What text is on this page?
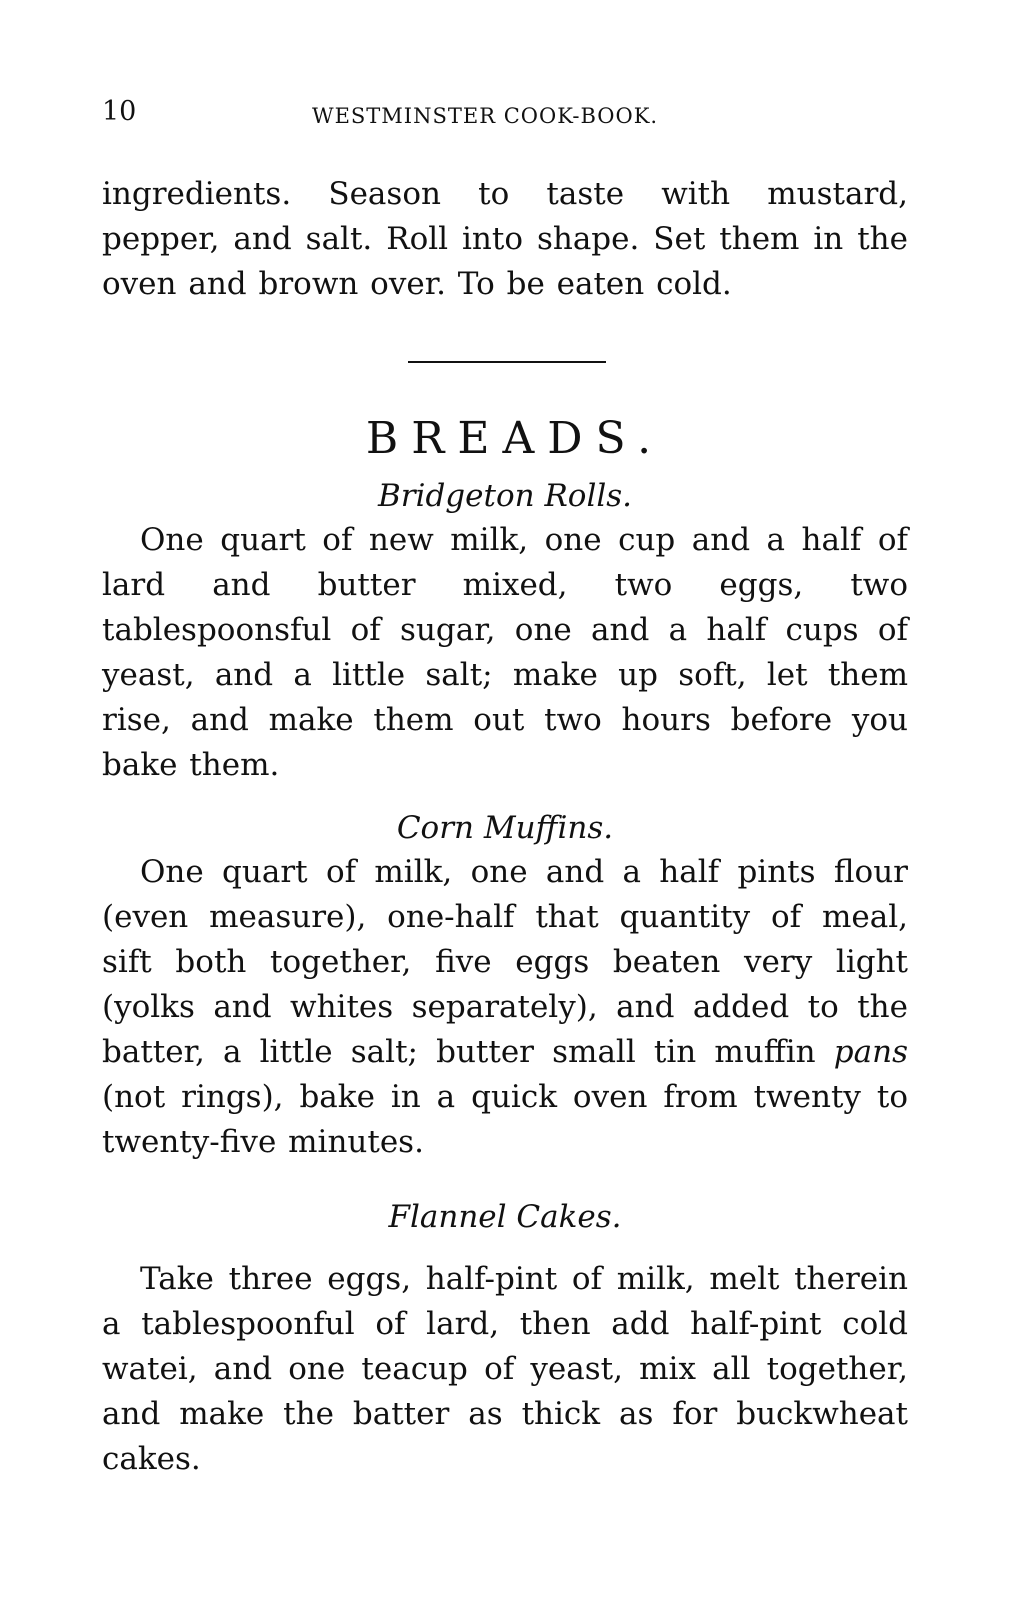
10	WESTMINSTER COOK-BOOK.

ingredients. Season to taste with mustard, pepper, and salt. Roll into shape. Set them in the oven and brown over. To be eaten cold.

BREADS.
Bridgeton Rolls.

One quart of new milk, one cup and a half of lard and butter mixed, two eggs, two tablespoonsful of sugar, one and a half cups of yeast, and a little salt; make up soft, let them rise, and make them out two hours before you bake them.

Corn Muffins.

One quart of milk, one and a half pints flour (even measure), one-half that quantity of meal, sift both together, five eggs beaten very light (yolks and whites separately), and added to the batter, a little salt; butter small tin muffin pans (not rings), bake in a quick oven from twenty to twenty-five minutes.

Flannel Cakes.

Take three eggs, half-pint of milk, melt therein a tablespoonful of lard, then add half-pint cold watei, and one teacup of yeast, mix all together, and make the batter as thick as for buckwheat cakes.
